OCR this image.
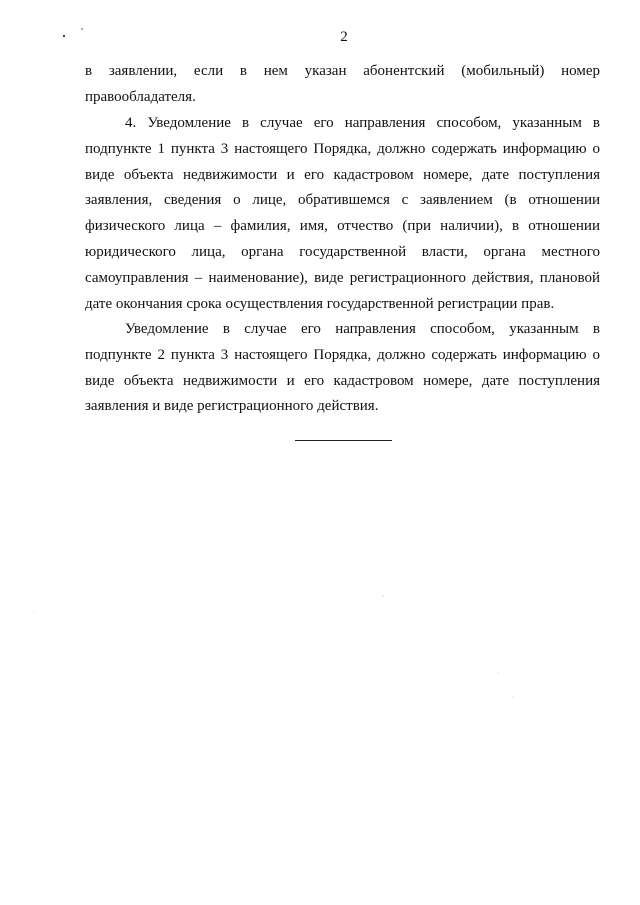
2

в заявлении, если в нем указан абонентский (мобильный) номер
правообладателя.

4. Уведомление в случае его направления способом, указанным в
подпункте 1 пункта 3 настоящего Порядка, должно содержать информацию о
виде объекта недвижимости и его кадастровом номере, дате поступления
заявления, сведения о лице, обратившемся с заявлением (в отношении
физического лица – фамилия, имя, отчество (при наличии), в отношении
юридического лица, органа государственной власти, органа местного
самоуправления – наименование), виде регистрационного действия, плановой
дате окончания срока осуществления государственной регистрации прав.

Уведомление в случае его направления способом, указанным в
подпункте 2 пункта 3 настоящего Порядка, должно содержать информацию о
виде объекта недвижимости и его кадастровом номере, дате поступления
заявления и виде регистрационного действия.
